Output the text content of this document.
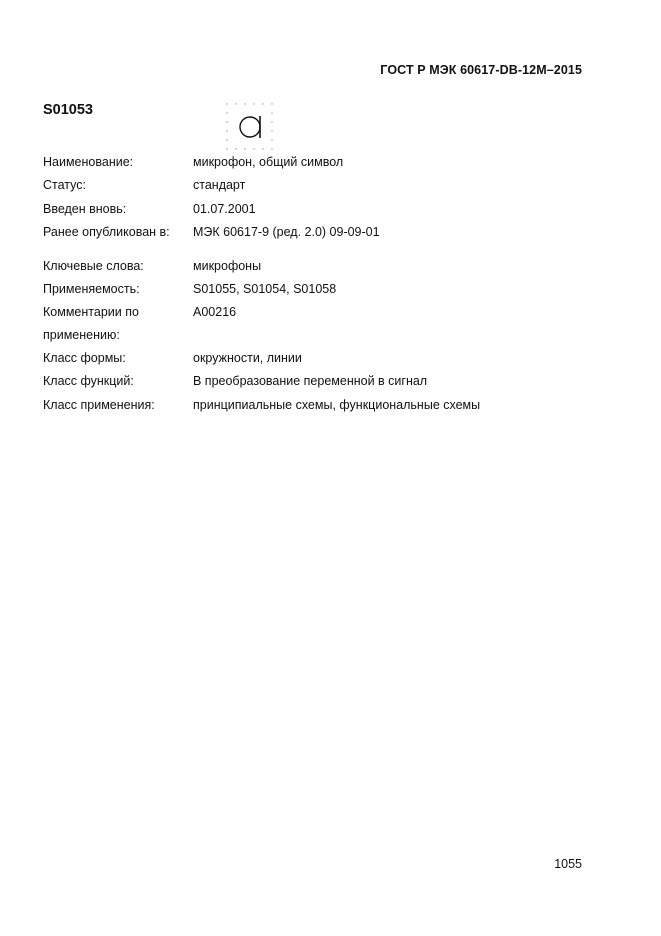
ГОСТ Р МЭК 60617-DB-12M–2015
S01053
Наименование:	микрофон, общий символ
Статус:	стандарт
Введен вновь:	01.07.2001
Ранее опубликован в: МЭК 60617-9 (ред. 2.0) 09-09-01
Ключевые слова:	микрофоны
Применяемость:	S01055, S01054, S01058
Комментарии по	A00216
применению:
Класс формы:	окружности, линии
Класс функций:	B преобразование переменной в сигнал
Класс применения:	принципиальные схемы, функциональные схемы
1055
